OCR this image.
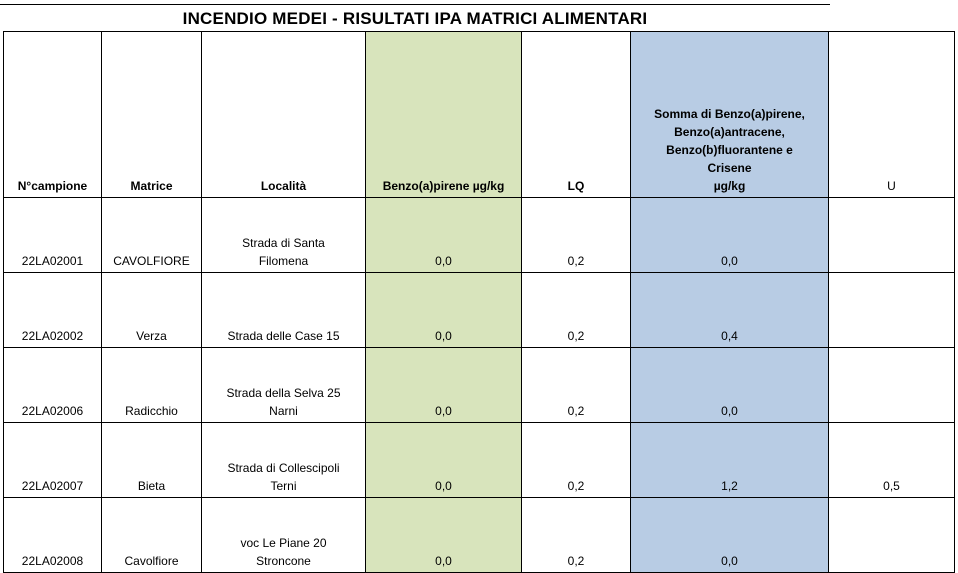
INCENDIO MEDEI - RISULTATI IPA MATRICI ALIMENTARI
N°campione	Matrice	Località	Benzo(a)pirene µg/kg	LQ	Somma di Benzo(a)pirene,
Benzo(a)antracene,
Benzo(b)fluorantene e
Crisene
µg/kg	U
22LA02001	CAVOLFIORE	Strada di Santa
Filomena	0,0	0,2	0,0	
22LA02002	Verza	Strada delle Case 15	0,0	0,2	0,4	
22LA02006	Radicchio	Strada della Selva 25
Narni	0,0	0,2	0,0	
22LA02007	Bieta	Strada di Collescipoli
Terni	0,0	0,2	1,2	0,5
22LA02008	Cavolfiore	voc Le Piane 20
Stroncone	0,0	0,2	0,0	
